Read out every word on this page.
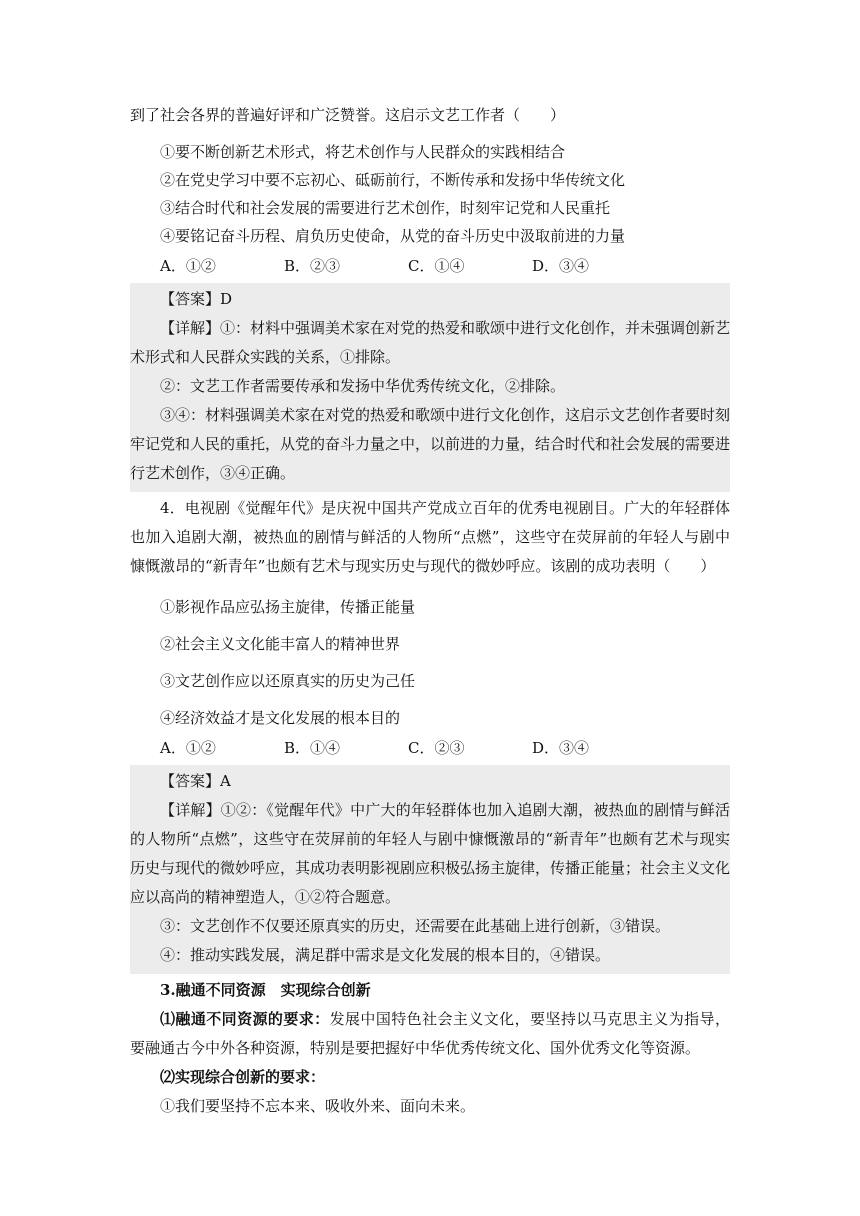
到了社会各界的普遍好评和广泛赞誉。这启示文艺工作者（　　）
①要不断创新艺术形式，将艺术创作与人民群众的实践相结合
②在党史学习中要不忘初心、砥砺前行，不断传承和发扬中华传统文化
③结合时代和社会发展的需要进行艺术创作，时刻牢记党和人民重托
④要铭记奋斗历程、肩负历史使命，从党的奋斗历史中汲取前进的力量
A．①②	B．②③	C．①④	D．③④
【答案】D
【详解】①：材料中强调美术家在对党的热爱和歌颂中进行文化创作，并未强调创新艺术形式和人民群众实践的关系，①排除。
②：文艺工作者需要传承和发扬中华优秀传统文化，②排除。
③④：材料强调美术家在对党的热爱和歌颂中进行文化创作，这启示文艺创作者要时刻牢记党和人民的重托，从党的奋斗力量之中，以前进的力量，结合时代和社会发展的需要进行艺术创作，③④正确。
4．电视剧《觉醒年代》是庆祝中国共产党成立百年的优秀电视剧目。广大的年轻群体也加入追剧大潮，被热血的剧情与鲜活的人物所“点燃”，这些守在荧屏前的年轻人与剧中慷慨激昂的“新青年”也颇有艺术与现实历史与现代的微妙呼应。该剧的成功表明（　　）
①影视作品应弘扬主旋律，传播正能量
②社会主义文化能丰富人的精神世界
③文艺创作应以还原真实的历史为己任
④经济效益才是文化发展的根本目的
A．①②	B．①④	C．②③	D．③④
【答案】A
【详解】①②：《觉醒年代》中广大的年轻群体也加入追剧大潮，被热血的剧情与鲜活的人物所“点燃”，这些守在荧屏前的年轻人与剧中慷慨激昂的“新青年”也颇有艺术与现实历史与现代的微妙呼应，其成功表明影视剧应积极弘扬主旋律，传播正能量；社会主义文化应以高尚的精神塑造人，①②符合题意。
③：文艺创作不仅要还原真实的历史，还需要在此基础上进行创新，③错误。
④：推动实践发展，满足群中需求是文化发展的根本目的，④错误。
3.融通不同资源　实现综合创新
⑴融通不同资源的要求：发展中国特色社会主义文化，要坚持以马克思主义为指导，要融通古今中外各种资源，特别是要把握好中华优秀传统文化、国外优秀文化等资源。
⑵实现综合创新的要求：
①我们要坚持不忘本来、吸收外来、面向未来。
